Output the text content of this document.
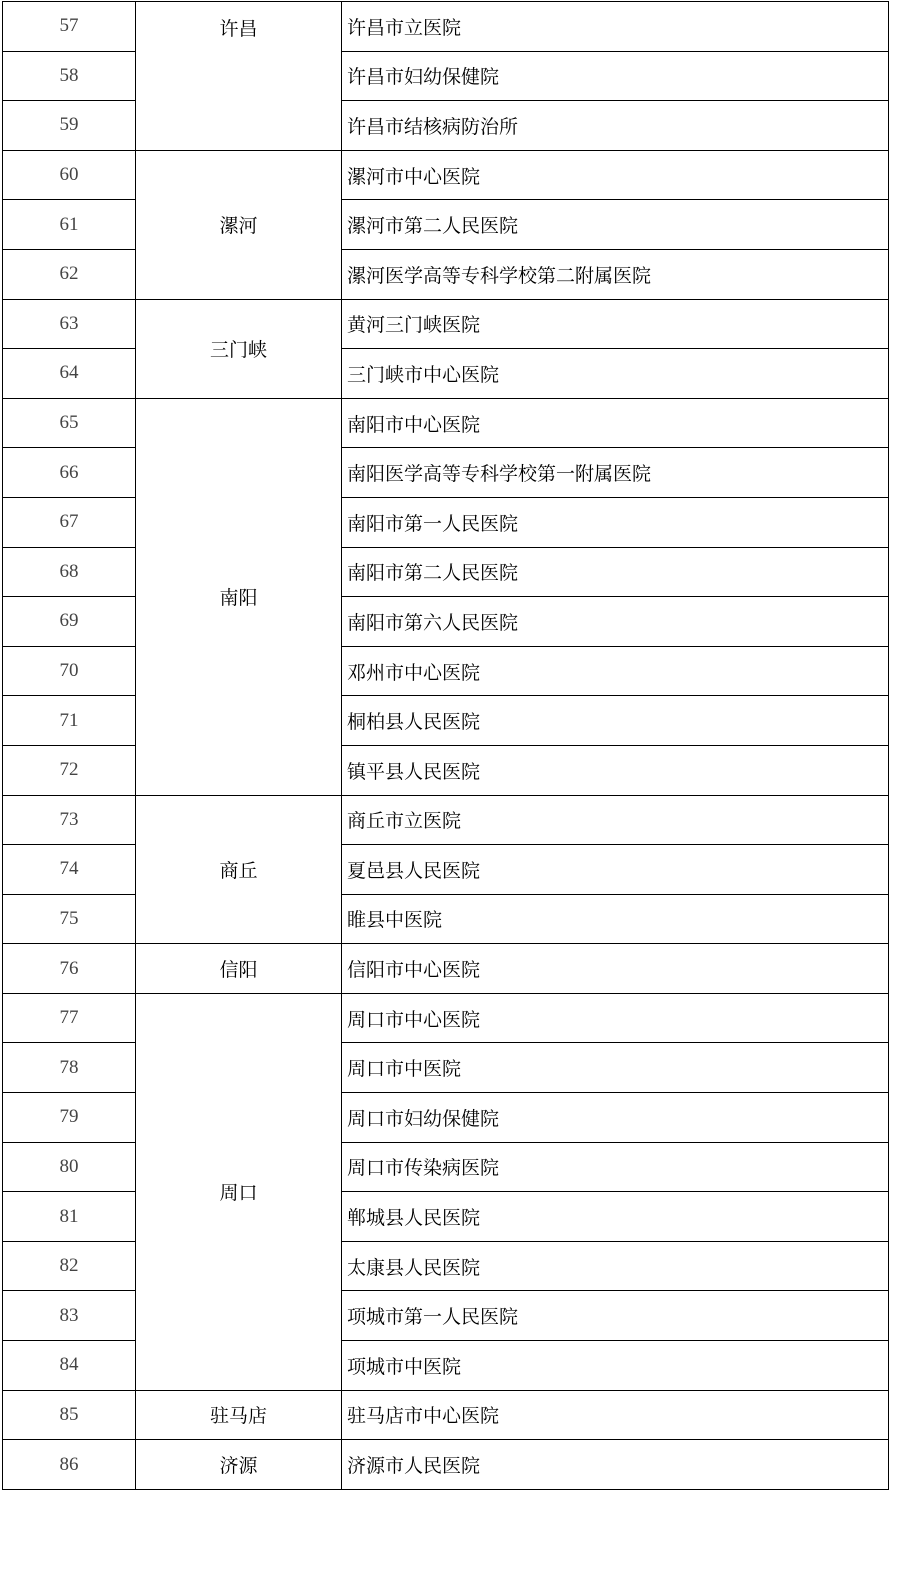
57	许昌	许昌市立医院
58		许昌市妇幼保健院
59		许昌市结核病防治所
60	漯河	漯河市中心医院
61		漯河市第二人民医院
62		漯河医学高等专科学校第二附属医院
63	三门峡	黄河三门峡医院
64		三门峡市中心医院
65	南阳	南阳市中心医院
66		南阳医学高等专科学校第一附属医院
67		南阳市第一人民医院
68		南阳市第二人民医院
69		南阳市第六人民医院
70		邓州市中心医院
71		桐柏县人民医院
72		镇平县人民医院
73	商丘	商丘市立医院
74		夏邑县人民医院
75		睢县中医院
76	信阳	信阳市中心医院
77	周口	周口市中心医院
78		周口市中医院
79		周口市妇幼保健院
80		周口市传染病医院
81		郸城县人民医院
82		太康县人民医院
83		项城市第一人民医院
84		项城市中医院
85	驻马店	驻马店市中心医院
86	济源	济源市人民医院
